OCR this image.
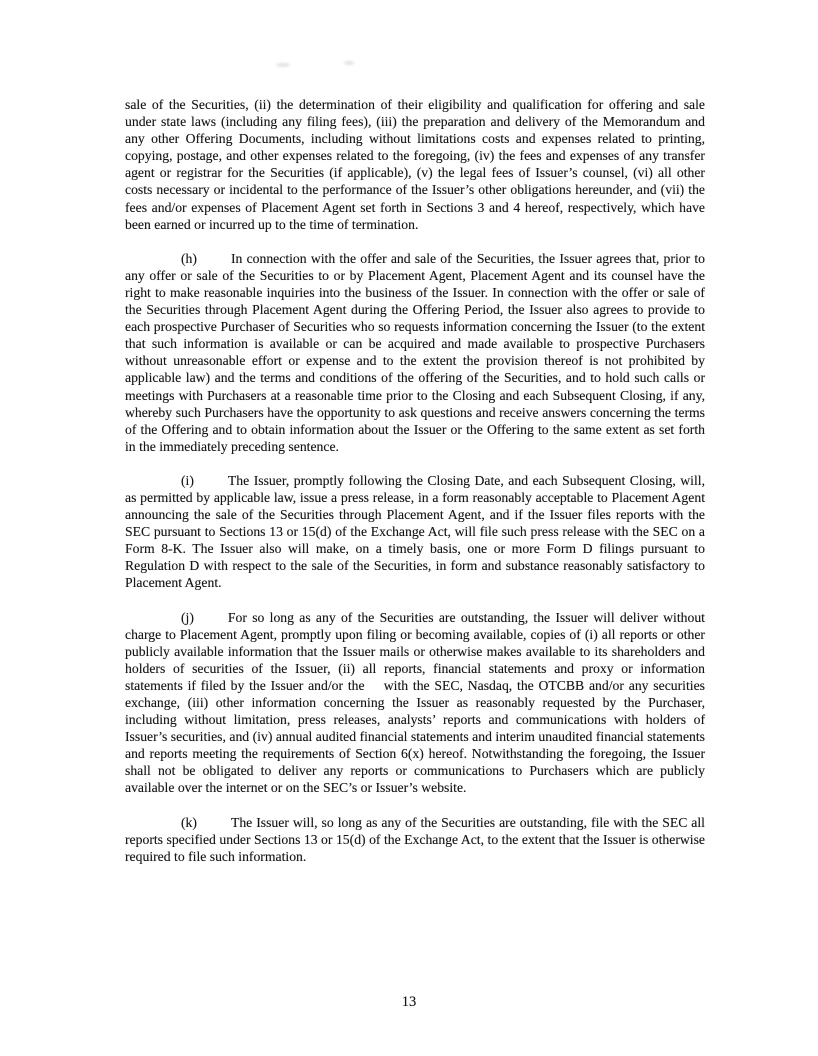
sale of the Securities, (ii) the determination of their eligibility and qualification for offering and sale under state laws (including any filing fees), (iii) the preparation and delivery of the Memorandum and any other Offering Documents, including without limitations costs and expenses related to printing, copying, postage, and other expenses related to the foregoing, (iv) the fees and expenses of any transfer agent or registrar for the Securities (if applicable), (v) the legal fees of Issuer’s counsel, (vi) all other costs necessary or incidental to the performance of the Issuer’s other obligations hereunder, and (vii) the fees and/or expenses of Placement Agent set forth in Sections 3 and 4 hereof, respectively, which have been earned or incurred up to the time of termination.

(h) In connection with the offer and sale of the Securities, the Issuer agrees that, prior to any offer or sale of the Securities to or by Placement Agent, Placement Agent and its counsel have the right to make reasonable inquiries into the business of the Issuer. In connection with the offer or sale of the Securities through Placement Agent during the Offering Period, the Issuer also agrees to provide to each prospective Purchaser of Securities who so requests information concerning the Issuer (to the extent that such information is available or can be acquired and made available to prospective Purchasers without unreasonable effort or expense and to the extent the provision thereof is not prohibited by applicable law) and the terms and conditions of the offering of the Securities, and to hold such calls or meetings with Purchasers at a reasonable time prior to the Closing and each Subsequent Closing, if any, whereby such Purchasers have the opportunity to ask questions and receive answers concerning the terms of the Offering and to obtain information about the Issuer or the Offering to the same extent as set forth in the immediately preceding sentence.

(i) The Issuer, promptly following the Closing Date, and each Subsequent Closing, will, as permitted by applicable law, issue a press release, in a form reasonably acceptable to Placement Agent announcing the sale of the Securities through Placement Agent, and if the Issuer files reports with the SEC pursuant to Sections 13 or 15(d) of the Exchange Act, will file such press release with the SEC on a Form 8-K. The Issuer also will make, on a timely basis, one or more Form D filings pursuant to Regulation D with respect to the sale of the Securities, in form and substance reasonably satisfactory to Placement Agent.

(j) For so long as any of the Securities are outstanding, the Issuer will deliver without charge to Placement Agent, promptly upon filing or becoming available, copies of (i) all reports or other publicly available information that the Issuer mails or otherwise makes available to its shareholders and holders of securities of the Issuer, (ii) all reports, financial statements and proxy or information statements if filed by the Issuer and/or the    with the SEC, Nasdaq, the OTCBB and/or any securities exchange, (iii) other information concerning the Issuer as reasonably requested by the Purchaser, including without limitation, press releases, analysts’ reports and communications with holders of Issuer’s securities, and (iv) annual audited financial statements and interim unaudited financial statements and reports meeting the requirements of Section 6(x) hereof. Notwithstanding the foregoing, the Issuer shall not be obligated to deliver any reports or communications to Purchasers which are publicly available over the internet or on the SEC’s or Issuer’s website.

(k) The Issuer will, so long as any of the Securities are outstanding, file with the SEC all reports specified under Sections 13 or 15(d) of the Exchange Act, to the extent that the Issuer is otherwise required to file such information.

13
